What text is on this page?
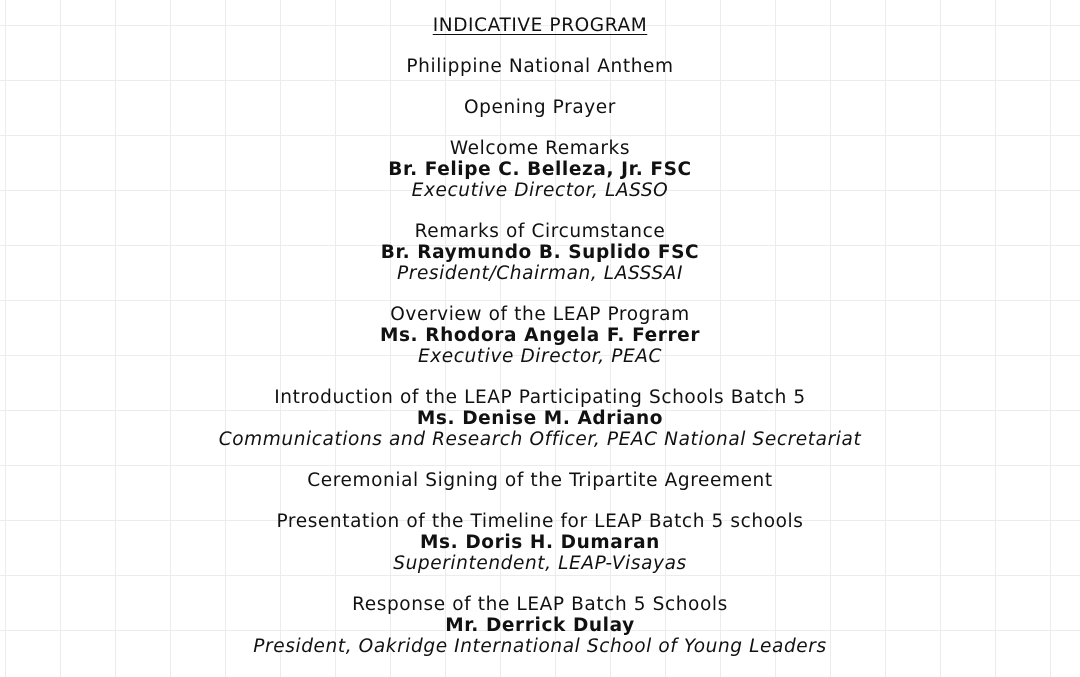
INDICATIVE PROGRAM
Philippine National Anthem
Opening Prayer
Welcome Remarks
Br. Felipe C. Belleza, Jr. FSC
Executive Director, LASSO
Remarks of Circumstance
Br. Raymundo B. Suplido FSC
President/Chairman, LASSSAI
Overview of the LEAP Program
Ms. Rhodora Angela F. Ferrer
Executive Director, PEAC
Introduction of the LEAP Participating Schools Batch 5
Ms. Denise M. Adriano
Communications and Research Officer, PEAC National Secretariat
Ceremonial Signing of the Tripartite Agreement
Presentation of the Timeline for LEAP Batch 5 schools
Ms. Doris H. Dumaran
Superintendent, LEAP-Visayas
Response of the LEAP Batch 5 Schools
Mr. Derrick Dulay
President, Oakridge International School of Young Leaders
